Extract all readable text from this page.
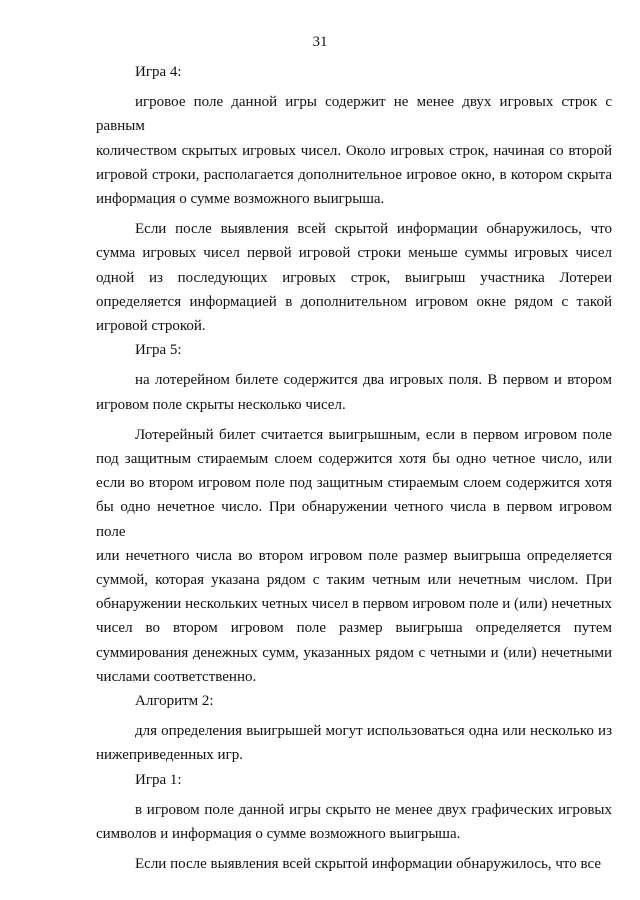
31
Игра 4:
игровое поле данной игры содержит не менее двух игровых строк с равным
количеством скрытых игровых чисел. Около игровых строк, начиная со второй
игровой строки, располагается дополнительное игровое окно, в котором скрыта
информация о сумме возможного выигрыша.
Если после выявления всей скрытой информации обнаружилось, что
сумма игровых чисел первой игровой строки меньше суммы игровых чисел
одной из последующих игровых строк, выигрыш участника Лотереи
определяется информацией в дополнительном игровом окне рядом с такой
игровой строкой.
Игра 5:
на лотерейном билете содержится два игровых поля. В первом и втором
игровом поле скрыты несколько чисел.
Лотерейный билет считается выигрышным, если в первом игровом поле
под защитным стираемым слоем содержится хотя бы одно четное число, или
если во втором игровом поле под защитным стираемым слоем содержится хотя
бы одно нечетное число. При обнаружении четного числа в первом игровом поле
или нечетного числа во втором игровом поле размер выигрыша определяется
суммой, которая указана рядом с таким четным или нечетным числом. При
обнаружении нескольких четных чисел в первом игровом поле и (или) нечетных
чисел во втором игровом поле размер выигрыша определяется путем
суммирования денежных сумм, указанных рядом с четными и (или) нечетными
числами соответственно.
Алгоритм 2:
для определения выигрышей могут использоваться одна или несколько из
нижеприведенных игр.
Игра 1:
в игровом поле данной игры скрыто не менее двух графических игровых
символов и информация о сумме возможного выигрыша.
Если после выявления всей скрытой информации обнаружилось, что все
